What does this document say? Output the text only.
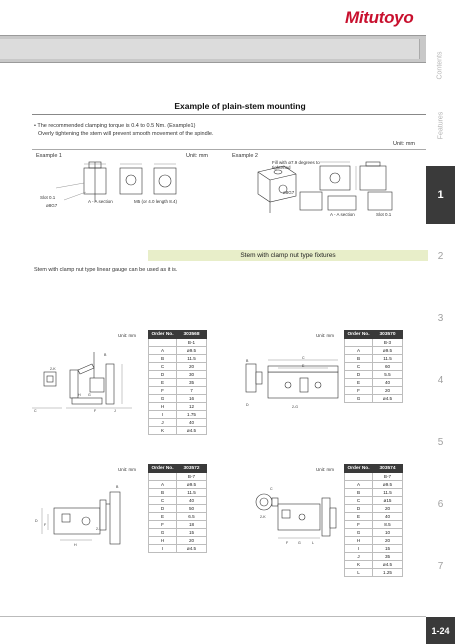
Mitutoyo
Contents
Features
1
2
3
4
5
6
7
1-24
Example of plain-stem mounting
• The recommended clamping torque is 0.4 to 0.5 Nm. (Example1)
Overly tightening the stem will prevent smooth movement of the spindle.
Unit: mm
Example 1	Unit: mm	Example 2
Slot 0.1
ø8G7
A - A section	M5 (or 4.0 length 8.4)
Fill with ø7.9 degrees to tightened
ø8G7
A - A section	Slot 0.1
Stem with clamp nut type fixtures
Stem with clamp nut type linear gauge can be used as it is.
Unit: mm
C	F
H G
J
2-K
B
Order No.	303568
	B-1
A	ø9.5
B	11.5
C	20
D	30
E	35
F	7
G	16
H	12
I	1.75
J	40
K	ø4.5
Unit: mm
C
E
B
D	2-G
Order No.	303570
	B-3
A	ø9.5
B	11.5
C	60
D	5.5
E	40
F	20
G	ø4.5
Unit: mm
D
F
H
2-I
B
Order No.	303572
	B-7
A	ø9.5
B	11.5
C	40
D	50
E	6.5
F	18
G	15
H	20
I	ø4.5
Unit: mm
C
2-K
F	G	L
Order No.	303574
	B-7
A	ø9.5
B	11.5
C	ø15
D	20
E	40
F	8.5
G	10
H	20
I	15
J	35
K	ø4.5
L	1.25
